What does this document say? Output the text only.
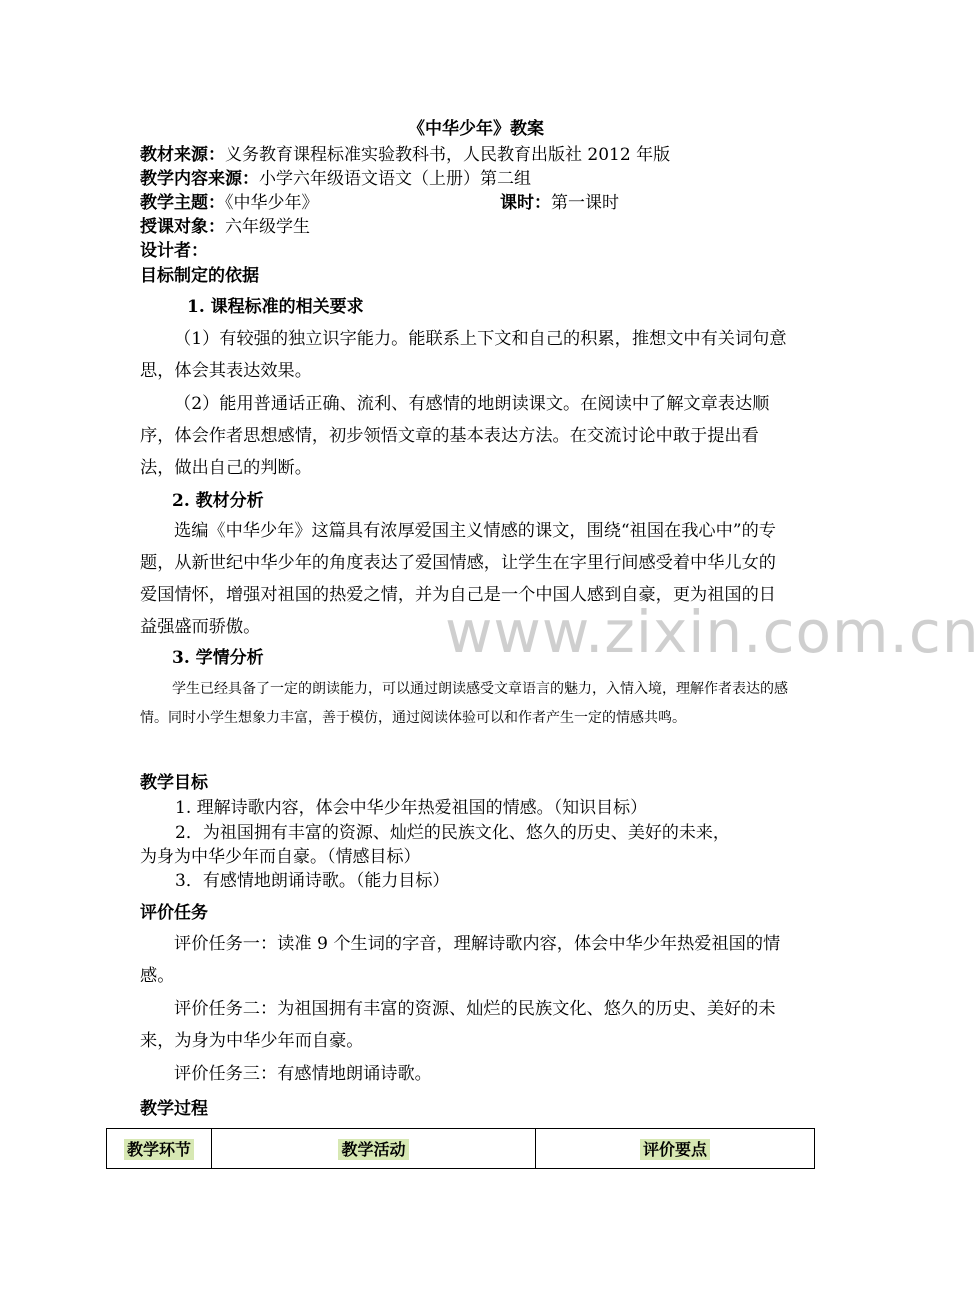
《中华少年》教案
教材来源：义务教育课程标准实验教科书，人民教育出版社 2012 年版
教学内容来源：小学六年级语文语文（上册）第二组
教学主题：《中华少年》	课时：第一课时
授课对象：六年级学生
设计者：
目标制定的依据
1. 课程标准的相关要求
（1）有较强的独立识字能力。能联系上下文和自己的积累，推想文中有关词句意思，体会其表达效果。
（2）能用普通话正确、流利、有感情的地朗读课文。在阅读中了解文章表达顺序，体会作者思想感情，初步领悟文章的基本表达方法。在交流讨论中敢于提出看法，做出自己的判断。
2. 教材分析
选编《中华少年》这篇具有浓厚爱国主义情感的课文，围绕“祖国在我心中”的专题，从新世纪中华少年的角度表达了爱国情感，让学生在字里行间感受着中华儿女的爱国情怀，增强对祖国的热爱之情，并为自己是一个中国人感到自豪，更为祖国的日益强盛而骄傲。	www.zixin.com.cn
3. 学情分析
学生已经具备了一定的朗读能力，可以通过朗读感受文章语言的魅力，入情入境，理解作者表达的感情。同时小学生想象力丰富，善于模仿，通过阅读体验可以和作者产生一定的情感共鸣。
教学目标
1. 理解诗歌内容，体会中华少年热爱祖国的情感。（知识目标）
2．为祖国拥有丰富的资源、灿烂的民族文化、悠久的历史、美好的未来，
为身为中华少年而自豪。（情感目标）
3．有感情地朗诵诗歌。（能力目标）
评价任务
评价任务一：读准 9 个生词的字音，理解诗歌内容，体会中华少年热爱祖国的情感。
评价任务二：为祖国拥有丰富的资源、灿烂的民族文化、悠久的历史、美好的未来，为身为中华少年而自豪。
评价任务三：有感情地朗诵诗歌。
教学过程
教学环节	教学活动	评价要点
